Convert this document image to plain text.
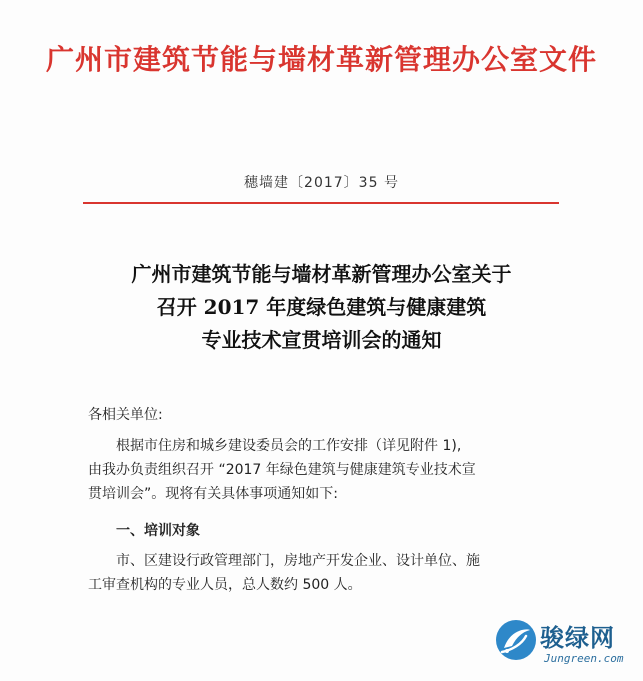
广州市建筑节能与墙材革新管理办公室文件
穗墙建〔2017〕35 号
广州市建筑节能与墙材革新管理办公室关于
召开 2017 年度绿色建筑与健康建筑
专业技术宣贯培训会的通知
各相关单位:
根据市住房和城乡建设委员会的工作安排（详见附件 1),
由我办负责组织召开 “2017 年绿色建筑与健康建筑专业技术宣
贯培训会”。现将有关具体事项通知如下:
一、培训对象
市、区建设行政管理部门，房地产开发企业、设计单位、施
工审查机构的专业人员，总人数约 500 人。
骏绿网
Jungreen.com
